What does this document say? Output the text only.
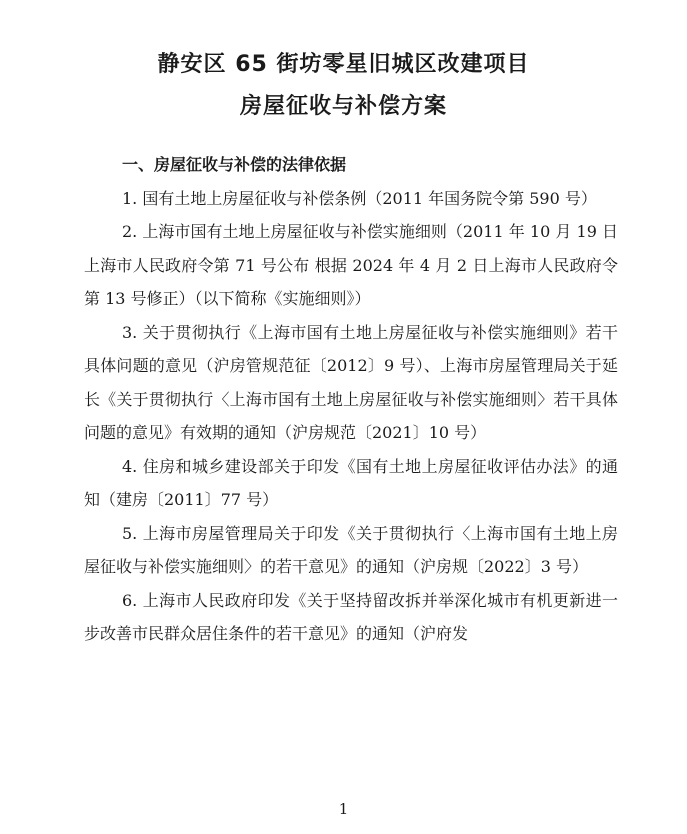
静安区 65 街坊零星旧城区改建项目
房屋征收与补偿方案

一、房屋征收与补偿的法律依据

1. 国有土地上房屋征收与补偿条例（2011 年国务院令第 590 号）

2. 上海市国有土地上房屋征收与补偿实施细则（2011 年 10 月 19 日上海市人民政府令第 71 号公布 根据 2024 年 4 月 2 日上海市人民政府令第 13 号修正）（以下简称《实施细则》）

3. 关于贯彻执行《上海市国有土地上房屋征收与补偿实施细则》若干具体问题的意见（沪房管规范征〔2012〕9 号）、上海市房屋管理局关于延长《关于贯彻执行〈上海市国有土地上房屋征收与补偿实施细则〉若干具体问题的意见》有效期的通知（沪房规范〔2021〕10 号）

4. 住房和城乡建设部关于印发《国有土地上房屋征收评估办法》的通知（建房〔2011〕77 号）

5. 上海市房屋管理局关于印发《关于贯彻执行〈上海市国有土地上房屋征收与补偿实施细则〉的若干意见》的通知（沪房规〔2022〕3 号）

6. 上海市人民政府印发《关于坚持留改拆并举深化城市有机更新进一步改善市民群众居住条件的若干意见》的通知（沪府发

1
